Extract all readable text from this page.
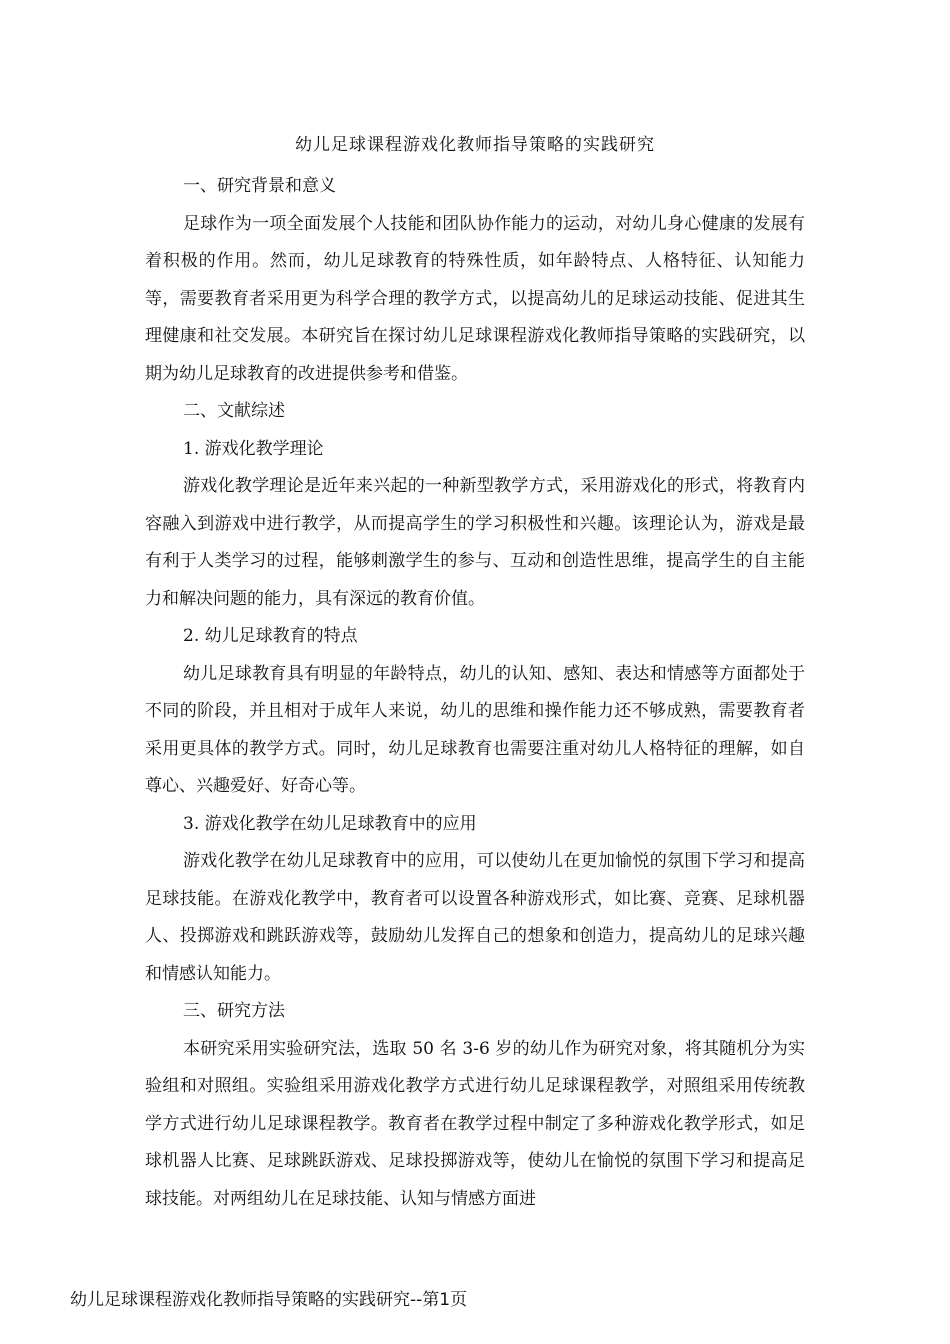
幼儿足球课程游戏化教师指导策略的实践研究

一、研究背景和意义

足球作为一项全面发展个人技能和团队协作能力的运动，对幼儿身心健康的发展有着积极的作用。然而，幼儿足球教育的特殊性质，如年龄特点、人格特征、认知能力等，需要教育者采用更为科学合理的教学方式，以提高幼儿的足球运动技能、促进其生理健康和社交发展。本研究旨在探讨幼儿足球课程游戏化教师指导策略的实践研究，以期为幼儿足球教育的改进提供参考和借鉴。

二、文献综述

1. 游戏化教学理论

游戏化教学理论是近年来兴起的一种新型教学方式，采用游戏化的形式，将教育内容融入到游戏中进行教学，从而提高学生的学习积极性和兴趣。该理论认为，游戏是最有利于人类学习的过程，能够刺激学生的参与、互动和创造性思维，提高学生的自主能力和解决问题的能力，具有深远的教育价值。

2. 幼儿足球教育的特点

幼儿足球教育具有明显的年龄特点，幼儿的认知、感知、表达和情感等方面都处于不同的阶段，并且相对于成年人来说，幼儿的思维和操作能力还不够成熟，需要教育者采用更具体的教学方式。同时，幼儿足球教育也需要注重对幼儿人格特征的理解，如自尊心、兴趣爱好、好奇心等。

3. 游戏化教学在幼儿足球教育中的应用

游戏化教学在幼儿足球教育中的应用，可以使幼儿在更加愉悦的氛围下学习和提高足球技能。在游戏化教学中，教育者可以设置各种游戏形式，如比赛、竞赛、足球机器人、投掷游戏和跳跃游戏等，鼓励幼儿发挥自己的想象和创造力，提高幼儿的足球兴趣和情感认知能力。

三、研究方法

本研究采用实验研究法，选取 50 名 3-6 岁的幼儿作为研究对象，将其随机分为实验组和对照组。实验组采用游戏化教学方式进行幼儿足球课程教学，对照组采用传统教学方式进行幼儿足球课程教学。教育者在教学过程中制定了多种游戏化教学形式，如足球机器人比赛、足球跳跃游戏、足球投掷游戏等，使幼儿在愉悦的氛围下学习和提高足球技能。对两组幼儿在足球技能、认知与情感方面进

幼儿足球课程游戏化教师指导策略的实践研究--第1页
